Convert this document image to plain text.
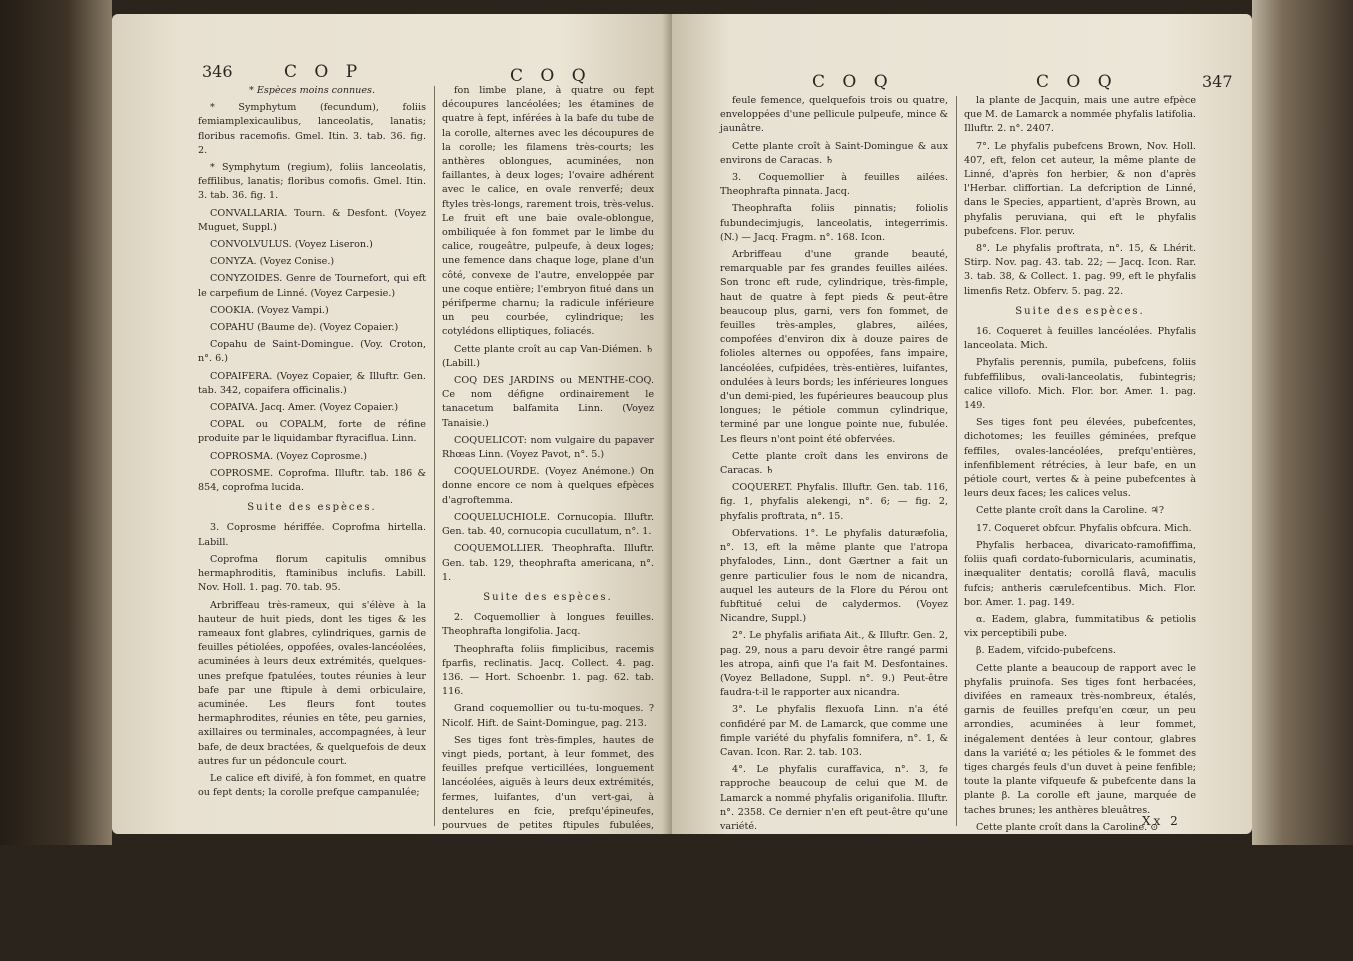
346	C O P	C O Q

* Espèces moins connues.

* Symphytum (fecundum), foliis femiamplexicaulibus, lanceolatis, lanatis; floribus racemofis. Gmel. Itin. 3. tab. 36. fig. 2.

* Symphytum (regium), foliis lanceolatis, feffilibus, lanatis; floribus comofis. Gmel. Itin. 3. tab. 36. fig. 1.

CONVALLARIA. Tourn. & Desfont. (Voyez Muguet, Suppl.)

CONVOLVULUS. (Voyez Liseron.)

CONYZA. (Voyez Conise.)

CONYZOIDES. Genre de Tournefort, qui eft le carpefium de Linné. (Voyez Carpesie.)

COOKIA. (Voyez Vampi.)

COPAHU (Baume de). (Voyez Copaier.)

Copahu de Saint-Domingue. (Voy. Croton, n°. 6.)

COPAIFERA. (Voyez Copaier, & Illuftr. Gen. tab. 342, copaifera officinalis.)

COPAIVA. Jacq. Amer. (Voyez Copaier.)

COPAL ou COPALM, forte de réfine produite par le liquidambar ftyraciflua. Linn.

COPROSMA. (Voyez Coprosme.)

COPROSME. Coprofma. Illuftr. tab. 186 & 854, coprofma lucida.

Suite des espèces.

3. Coprosme hériffée. Coprofma hirtella. Labill.

Coprofma florum capitulis omnibus hermaphroditis, ftaminibus inclufis. Labill. Nov. Holl. 1. pag. 70. tab. 95.

Arbriffeau très-rameux, qui s'élève à la hauteur de huit pieds, dont les tiges & les rameaux font glabres, cylindriques, garnis de feuilles pétiolées, oppofées, ovales-lancéolées, acuminées à leurs deux extrémités, quelques-unes prefque fpatulées, toutes réunies à leur bafe par une ftipule à demi orbiculaire, acuminée. Les fleurs font toutes hermaphrodites, réunies en tête, peu garnies, axillaires ou terminales, accompagnées, à leur bafe, de deux bractées, & quelquefois de deux autres fur un pédoncule court.

Le calice eft divifé, à fon fommet, en quatre ou fept dents; la corolle prefque campanulée;

fon limbe plane, à quatre ou fept découpures lancéolées; les étamines de quatre à fept, inférées à la bafe du tube de la corolle, alternes avec les découpures de la corolle; les filamens très-courts; les anthères oblongues, acuminées, non faillantes, à deux loges; l'ovaire adhérent avec le calice, en ovale renverfé; deux ftyles très-longs, rarement trois, très-velus. Le fruit eft une baie ovale-oblongue, ombiliquée à fon fommet par le limbe du calice, rougeâtre, pulpeufe, à deux loges; une femence dans chaque loge, plane d'un côté, convexe de l'autre, enveloppée par une coque entière; l'embryon fitué dans un périfperme charnu; la radicule inférieure un peu courbée, cylindrique; les cotylédons elliptiques, foliacés.

Cette plante croît au cap Van-Diémen. ♄ (Labill.)

COQ DES JARDINS ou MENTHE-COQ. Ce nom défigne ordinairement le tanacetum balfamita Linn. (Voyez Tanaisie.)

COQUELICOT: nom vulgaire du papaver Rhœas Linn. (Voyez Pavot, n°. 5.)

COQUELOURDE. (Voyez Anémone.) On donne encore ce nom à quelques efpèces d'agroftemma.

COQUELUCHIOLE. Cornucopia. Illuftr. Gen. tab. 40, cornucopia cucullatum, n°. 1.

COQUEMOLLIER. Theophrafta. Illuftr. Gen. tab. 129, theophrafta americana, n°. 1.

Suite des espèces.

2. Coquemollier à longues feuilles. Theophrafta longifolia. Jacq.

Theophrafta foliis fimplicibus, racemis fparfis, reclinatis. Jacq. Collect. 4. pag. 136. — Hort. Schoenbr. 1. pag. 62. tab. 116.

Grand coquemollier ou tu-tu-moques. ? Nicolf. Hift. de Saint-Domingue, pag. 213.

Ses tiges font très-fimples, hautes de vingt pieds, portant, à leur fommet, des feuilles prefque verticillées, longuement lancéolées, aiguës à leurs deux extrémités, fermes, luifantes, d'un vert-gai, à dentelures en fcie, prefqu'épineufes, pourvues de petites ftipules fubulées, caduques; les pétioles épais, très-courts. Les fleurs font odorantes, difpofées en grappes fimples, éparfes, pendantes, longues de trois à neuf pouces; les pédicelles courts; le calice d'un jaune verdâtre ou brun; la corolle de couleur orangée plus ou moins foncée. Le fruit eft une baie glabre, arrondie, à une feule loge, d'un vert-foncé, contenant une

C O Q	C O Q	347

feule femence, quelquefois trois ou quatre, enveloppées d'une pellicule pulpeufe, mince & jaunâtre.

Cette plante croît à Saint-Domingue & aux environs de Caracas. ♄

3. Coquemollier à feuilles ailées. Theophrafta pinnata. Jacq.

Theophrafta foliis pinnatis; foliolis fubundecimjugis, lanceolatis, integerrimis. (N.) — Jacq. Fragm. n°. 168. Icon.

Arbriffeau d'une grande beauté, remarquable par fes grandes feuilles ailées. Son tronc eft rude, cylindrique, très-fimple, haut de quatre à fept pieds & peut-être beaucoup plus, garni, vers fon fommet, de feuilles très-amples, glabres, ailées, compofées d'environ dix à douze paires de folioles alternes ou oppofées, fans impaire, lancéolées, cufpidées, très-entières, luifantes, ondulées à leurs bords; les inférieures longues d'un demi-pied, les fupérieures beaucoup plus longues; le pétiole commun cylindrique, terminé par une longue pointe nue, fubulée. Les fleurs n'ont point été obfervées.

Cette plante croît dans les environs de Caracas. ♄

COQUERET. Phyfalis. Illuftr. Gen. tab. 116, fig. 1, phyfalis alekengi, n°. 6; — fig. 2, phyfalis proftrata, n°. 15.

Obfervations. 1°. Le phyfalis daturæfolia, n°. 13, eft la même plante que l'atropa phyfalodes, Linn., dont Gærtner a fait un genre particulier fous le nom de nicandra, auquel les auteurs de la Flore du Pérou ont fubftitué celui de calydermos. (Voyez Nicandre, Suppl.)

2°. Le phyfalis arifiata Ait., & Illuftr. Gen. 2, pag. 29, nous a paru devoir être rangé parmi les atropa, ainfi que l'a fait M. Desfontaines. (Voyez Belladone, Suppl. n°. 9.) Peut-être faudra-t-il le rapporter aux nicandra.

3°. Le phyfalis flexuofa Linn. n'a été confidéré par M. de Lamarck, que comme une fimple variété du phyfalis fomnifera, n°. 1, & Cavan. Icon. Rar. 2. tab. 103.

4°. Le phyfalis curaffavica, n°. 3, fe rapproche beaucoup de celui que M. de Lamarck a nommé phyfalis origanifolia. Illuftr. n°. 2358. Ce dernier n'en eft peut-être qu'une variété.

5°. Le phyfalis peruviana, n°. 7, a de très-grands rapports avec le phyfalis chenopodifolia. Illuftr. n°. 2401, non Willd. Celui-ci en diffère par fes feuilles dentées, anguleufes; les pétioles décurrens fur les tiges.

6°. Le phyfalis barbadenfis, n°. 12, n'eft point

la plante de Jacquin, mais une autre efpèce que M. de Lamarck a nommée phyfalis latifolia. Illuftr. 2. n°. 2407.

7°. Le phyfalis pubefcens Brown, Nov. Holl. 407, eft, felon cet auteur, la même plante de Linné, d'après fon herbier, & non d'après l'Herbar. cliffortian. La defcription de Linné, dans le Species, appartient, d'après Brown, au phyfalis peruviana, qui eft le phyfalis pubefcens. Flor. peruv.

8°. Le phyfalis proftrata, n°. 15, & Lhérit. Stirp. Nov. pag. 43. tab. 22; — Jacq. Icon. Rar. 3. tab. 38, & Collect. 1. pag. 99, eft le phyfalis limenfis Retz. Obferv. 5. pag. 22.

Suite des espèces.

16. Coqueret à feuilles lancéolées. Phyfalis lanceolata. Mich.

Phyfalis perennis, pumila, pubefcens, foliis fubfeffilibus, ovali-lanceolatis, fubintegris; calice villofo. Mich. Flor. bor. Amer. 1. pag. 149.

Ses tiges font peu élevées, pubefcentes, dichotomes; les feuilles géminées, prefque feffiles, ovales-lancéolées, prefqu'entières, infenfiblement rétrécies, à leur bafe, en un pétiole court, vertes & à peine pubefcentes à leurs deux faces; les calices velus.

Cette plante croît dans la Caroline. ♃?

17. Coqueret obfcur. Phyfalis obfcura. Mich.

Phyfalis herbacea, divaricato-ramofiffima, foliis quafi cordato-fubornicularis, acuminatis, inæqualiter dentatis; corollâ flavâ, maculis fufcis; antheris cærulefcentibus. Mich. Flor. bor. Amer. 1. pag. 149.

α. Eadem, glabra, fummitatibus & petiolis vix perceptibili pube.

β. Eadem, vifcido-pubefcens.

Cette plante a beaucoup de rapport avec le phyfalis pruinofa. Ses tiges font herbacées, divifées en rameaux très-nombreux, étalés, garnis de feuilles prefqu'en cœur, un peu arrondies, acuminées à leur fommet, inégalement dentées à leur contour, glabres dans la variété α; les pétioles & le fommet des tiges chargés feuls d'un duvet à peine fenfible; toute la plante vifqueufe & pubefcente dans la plante β. La corolle eft jaune, marquée de taches brunes; les anthères bleuâtres.

Cette plante croît dans la Caroline. ⊙

18. Coqueret à feuilles ovales. Phyfalis ovata.

Phyfalis (chenopodifolia), ramofiffima, foliis glabris, ovatis, acuminatis, angulato-acutatis; caulibus lævibus, magnitudine fructûs, glabofis. Willd. Spec. Plant. 1. pag. 1023.

Xx 2
